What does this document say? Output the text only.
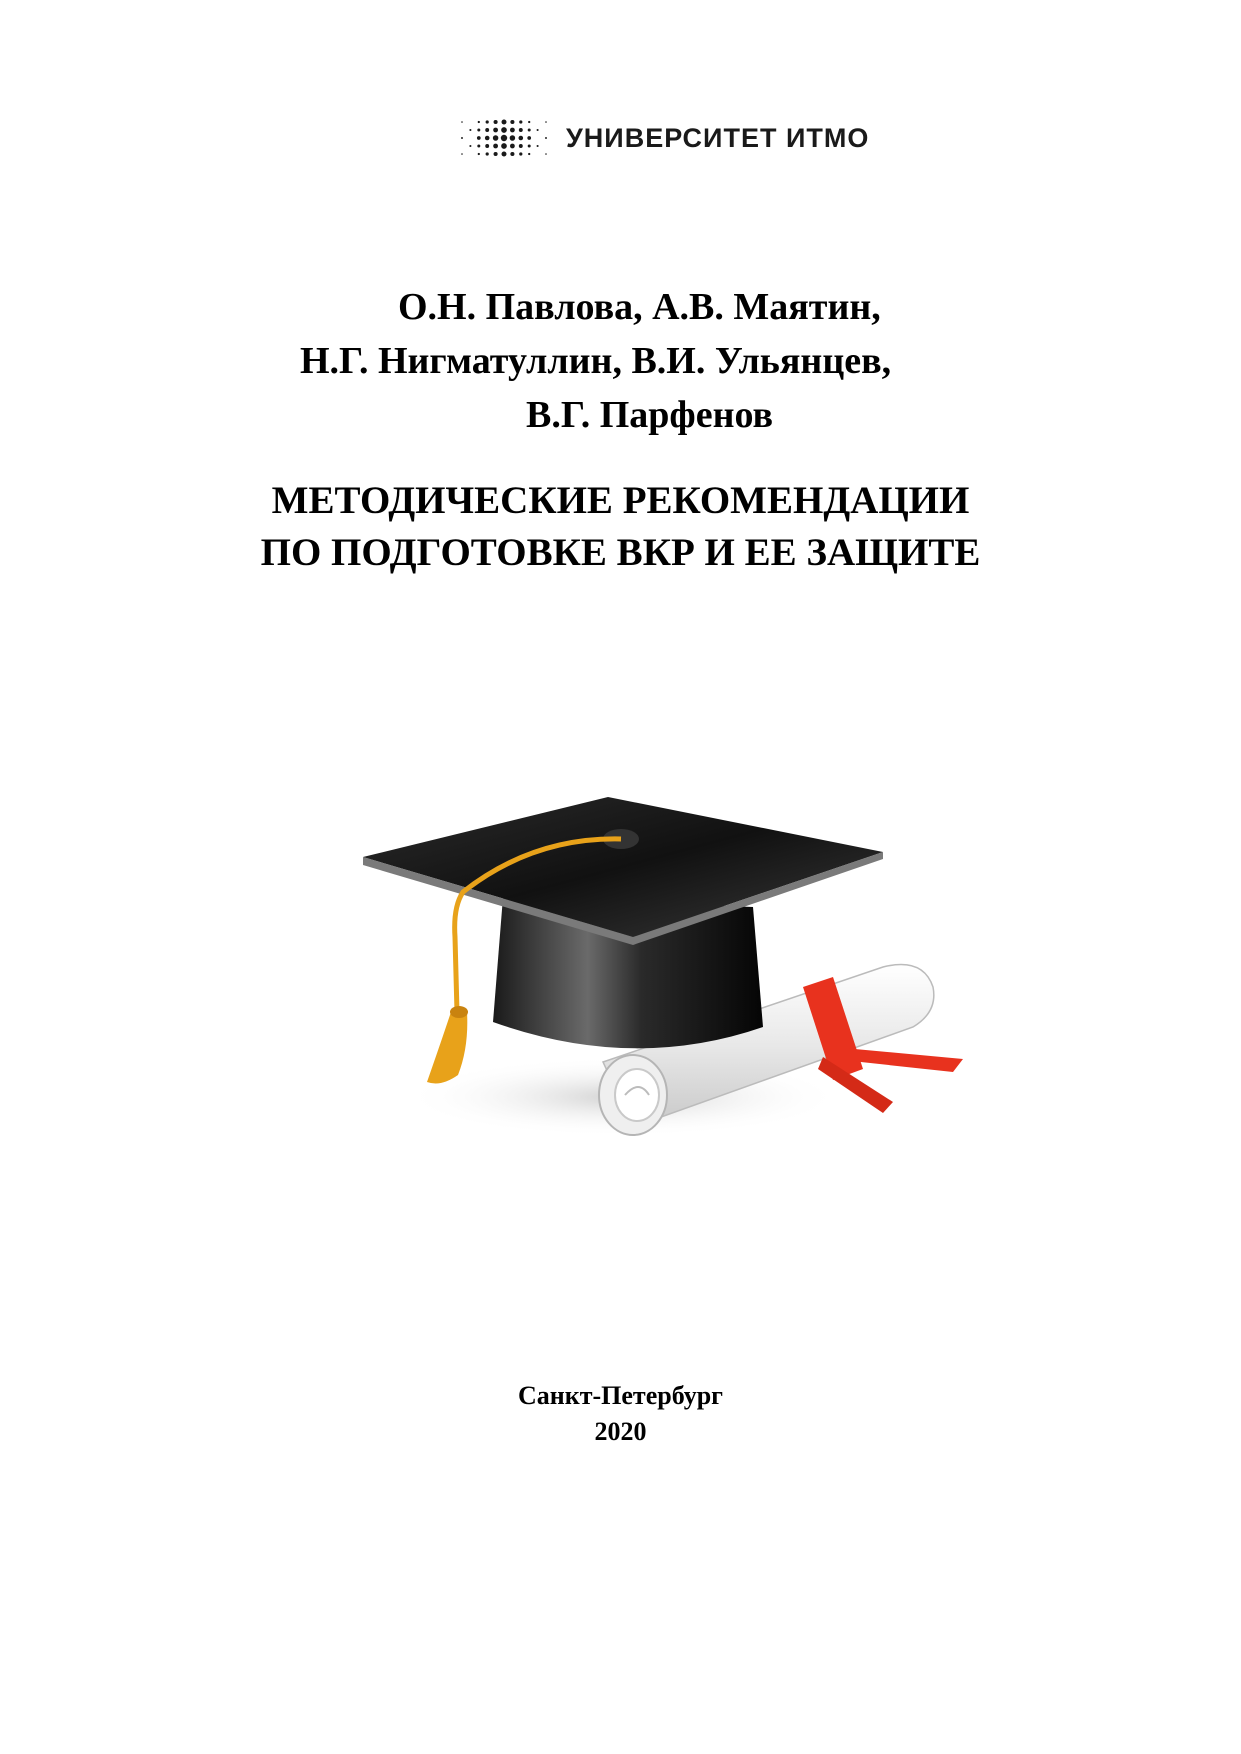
УНИВЕРСИТЕТ ИТМО
О.Н. Павлова, А.В. Маятин,
Н.Г. Нигматуллин, В.И. Ульянцев,
В.Г. Парфенов
МЕТОДИЧЕСКИЕ РЕКОМЕНДАЦИИ
ПО ПОДГОТОВКЕ ВКР И ЕЕ ЗАЩИТЕ
Санкт-Петербург
2020
